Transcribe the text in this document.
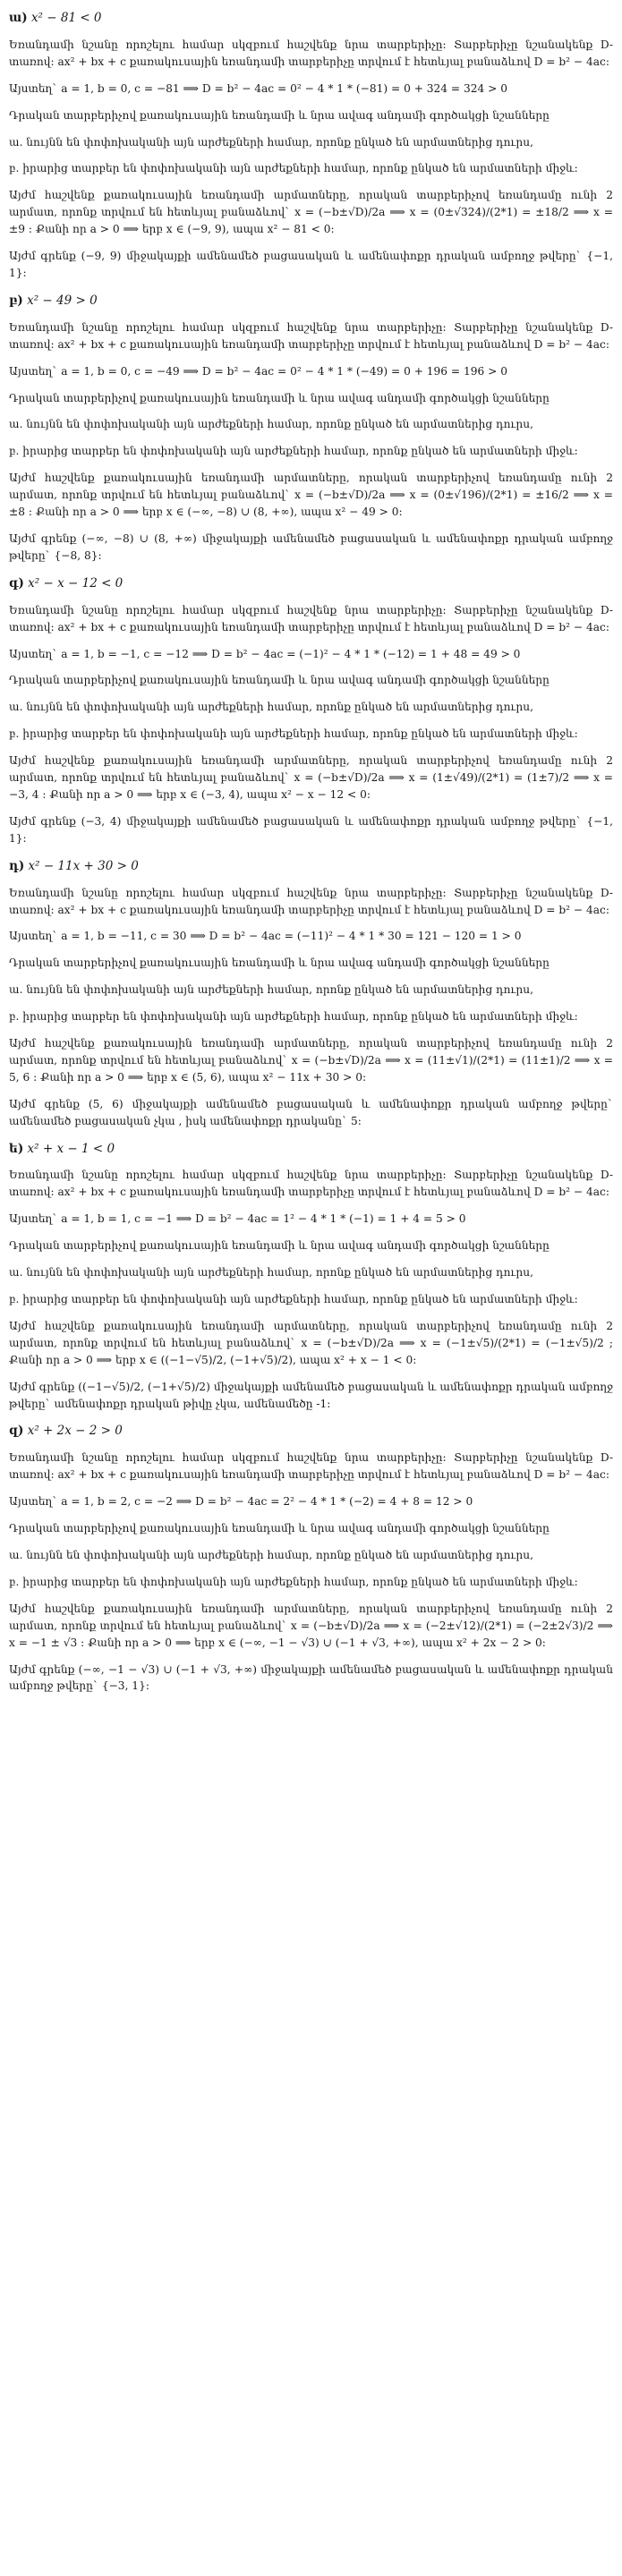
ա) x² − 81 < 0

Եռանդամի նշանը որոշելու համար սկզբում հաշվենք նրա տարբերիչը: Տարբերիչը նշանակենք D-տառով: ax² + bx + c քառակուսային եռանդամի տարբերիչը տրվում է հետևյալ բանաձևով D = b² − 4ac:

Այստեղ` a = 1, b = 0, c = −81 ⟹ D = b² − 4ac = 0² − 4 * 1 * (−81) = 0 + 324 = 324 > 0

Դրական տարբերիչով քառակուսային եռանդամի և նրա ավագ անդամի գործակցի նշանները

ա. նույնն են փոփոխականի այն արժեքների համար, որոնք ընկած են արմատներից դուրս,

բ. իրարից տարբեր են փոփոխականի այն արժեքների համար, որոնք ընկած են արմատների միջև:

Այժմ հաշվենք քառակուսային եռանդամի արմատները, որական տարբերիչով եռանդամը ունի 2 արմատ, որոնք տրվում են հետևյալ բանաձևով` x = (−b±√D)/2a ⟹ x = (0±√324)/(2*1) = ±18/2 ⟹ x = ±9 : Քանի որ a > 0 ⟹ երբ x ∈ (−9, 9), ապա x² − 81 < 0:

Այժմ գրենք (−9, 9) միջակայքի ամենամեծ բացասական և ամենափոքր դրական ամբողջ թվերը` {−1, 1}:

բ) x² − 49 > 0

Եռանդամի նշանը որոշելու համար սկզբում հաշվենք նրա տարբերիչը: Տարբերիչը նշանակենք D-տառով: ax² + bx + c քառակուսային եռանդամի տարբերիչը տրվում է հետևյալ բանաձևով D = b² − 4ac:

Այստեղ` a = 1, b = 0, c = −49 ⟹ D = b² − 4ac = 0² − 4 * 1 * (−49) = 0 + 196 = 196 > 0

Դրական տարբերիչով քառակուսային եռանդամի և նրա ավագ անդամի գործակցի նշանները

ա. նույնն են փոփոխականի այն արժեքների համար, որոնք ընկած են արմատներից դուրս,

բ. իրարից տարբեր են փոփոխականի այն արժեքների համար, որոնք ընկած են արմատների միջև:

Այժմ հաշվենք քառակուսային եռանդամի արմատները, որական տարբերիչով եռանդամը ունի 2 արմատ, որոնք տրվում են հետևյալ բանաձևով` x = (−b±√D)/2a ⟹ x = (0±√196)/(2*1) = ±16/2 ⟹ x = ±8 : Քանի որ a > 0 ⟹ երբ x ∈ (−∞, −8) ∪ (8, +∞), ապա x² − 49 > 0:

Այժմ գրենք (−∞, −8) ∪ (8, +∞) միջակայքի ամենամեծ բացասական և ամենափոքր դրական ամբողջ թվերը` {−8, 8}:

գ) x² − x − 12 < 0

Եռանդամի նշանը որոշելու համար սկզբում հաշվենք նրա տարբերիչը: Տարբերիչը նշանակենք D-տառով: ax² + bx + c քառակուսային եռանդամի տարբերիչը տրվում է հետևյալ բանաձևով D = b² − 4ac:

Այստեղ` a = 1, b = −1, c = −12 ⟹ D = b² − 4ac = (−1)² − 4 * 1 * (−12) = 1 + 48 = 49 > 0

Դրական տարբերիչով քառակուսային եռանդամի և նրա ավագ անդամի գործակցի նշանները

ա. նույնն են փոփոխականի այն արժեքների համար, որոնք ընկած են արմատներից դուրս,

բ. իրարից տարբեր են փոփոխականի այն արժեքների համար, որոնք ընկած են արմատների միջև:

Այժմ հաշվենք քառակուսային եռանդամի արմատները, որական տարբերիչով եռանդամը ունի 2 արմատ, որոնք տրվում են հետևյալ բանաձևով` x = (−b±√D)/2a ⟹ x = (1±√49)/(2*1) = (1±7)/2 ⟹ x = −3, 4 : Քանի որ a > 0 ⟹ երբ x ∈ (−3, 4), ապա x² − x − 12 < 0:

Այժմ գրենք (−3, 4) միջակայքի ամենամեծ բացասական և ամենափոքր դրական ամբողջ թվերը` {−1, 1}:

դ) x² − 11x + 30 > 0

Եռանդամի նշանը որոշելու համար սկզբում հաշվենք նրա տարբերիչը: Տարբերիչը նշանակենք D-տառով: ax² + bx + c քառակուսային եռանդամի տարբերիչը տրվում է հետևյալ բանաձևով D = b² − 4ac:

Այստեղ` a = 1, b = −11, c = 30 ⟹ D = b² − 4ac = (−11)² − 4 * 1 * 30 = 121 − 120 = 1 > 0

Դրական տարբերիչով քառակուսային եռանդամի և նրա ավագ անդամի գործակցի նշանները

ա. նույնն են փոփոխականի այն արժեքների համար, որոնք ընկած են արմատներից դուրս,

բ. իրարից տարբեր են փոփոխականի այն արժեքների համար, որոնք ընկած են արմատների միջև:

Այժմ հաշվենք քառակուսային եռանդամի արմատները, որական տարբերիչով եռանդամը ունի 2 արմատ, որոնք տրվում են հետևյալ բանաձևով` x = (−b±√D)/2a ⟹ x = (11±√1)/(2*1) = (11±1)/2 ⟹ x = 5, 6 : Քանի որ a > 0 ⟹ երբ x ∈ (5, 6), ապա x² − 11x + 30 > 0:

Այժմ գրենք (5, 6) միջակայքի ամենամեծ բացասական և ամենափոքր դրական ամբողջ թվերը` ամենամեծ բացասական չկա , իսկ ամենափոքր դրականը` 5:

ե) x² + x − 1 < 0

Եռանդամի նշանը որոշելու համար սկզբում հաշվենք նրա տարբերիչը: Տարբերիչը նշանակենք D-տառով: ax² + bx + c քառակուսային եռանդամի տարբերիչը տրվում է հետևյալ բանաձևով D = b² − 4ac:

Այստեղ` a = 1, b = 1, c = −1 ⟹ D = b² − 4ac = 1² − 4 * 1 * (−1) = 1 + 4 = 5 > 0

Դրական տարբերիչով քառակուսային եռանդամի և նրա ավագ անդամի գործակցի նշանները

ա. նույնն են փոփոխականի այն արժեքների համար, որոնք ընկած են արմատներից դուրս,

բ. իրարից տարբեր են փոփոխականի այն արժեքների համար, որոնք ընկած են արմատների միջև:

Այժմ հաշվենք քառակուսային եռանդամի արմատները, որական տարբերիչով եռանդամը ունի 2 արմատ, որոնք տրվում են հետևյալ բանաձևով` x = (−b±√D)/2a ⟹ x = (−1±√5)/(2*1) = (−1±√5)/2 ; Քանի որ a > 0 ⟹ երբ x ∈ ((−1−√5)/2, (−1+√5)/2), ապա x² + x − 1 < 0:

Այժմ գրենք ((−1−√5)/2, (−1+√5)/2) միջակայքի ամենամեծ բացասական և ամենափոքր դրական ամբողջ թվերը` ամենափոքր դրական թիվը չկա, ամենամեծը -1:

զ) x² + 2x − 2 > 0

Եռանդամի նշանը որոշելու համար սկզբում հաշվենք նրա տարբերիչը: Տարբերիչը նշանակենք D-տառով: ax² + bx + c քառակուսային եռանդամի տարբերիչը տրվում է հետևյալ բանաձևով D = b² − 4ac:

Այստեղ` a = 1, b = 2, c = −2 ⟹ D = b² − 4ac = 2² − 4 * 1 * (−2) = 4 + 8 = 12 > 0

Դրական տարբերիչով քառակուսային եռանդամի և նրա ավագ անդամի գործակցի նշանները

ա. նույնն են փոփոխականի այն արժեքների համար, որոնք ընկած են արմատներից դուրս,

բ. իրարից տարբեր են փոփոխականի այն արժեքների համար, որոնք ընկած են արմատների միջև:

Այժմ հաշվենք քառակուսային եռանդամի արմատները, որական տարբերիչով եռանդամը ունի 2 արմատ, որոնք տրվում են հետևյալ բանաձևով` x = (−b±√D)/2a ⟹ x = (−2±√12)/(2*1) = (−2±2√3)/2 ⟹ x = −1 ± √3 : Քանի որ a > 0 ⟹ երբ x ∈ (−∞, −1 − √3) ∪ (−1 + √3, +∞), ապա x² + 2x − 2 > 0:

Այժմ գրենք (−∞, −1 − √3) ∪ (−1 + √3, +∞) միջակայքի ամենամեծ բացասական և ամենափոքր դրական ամբողջ թվերը` {−3, 1}:
